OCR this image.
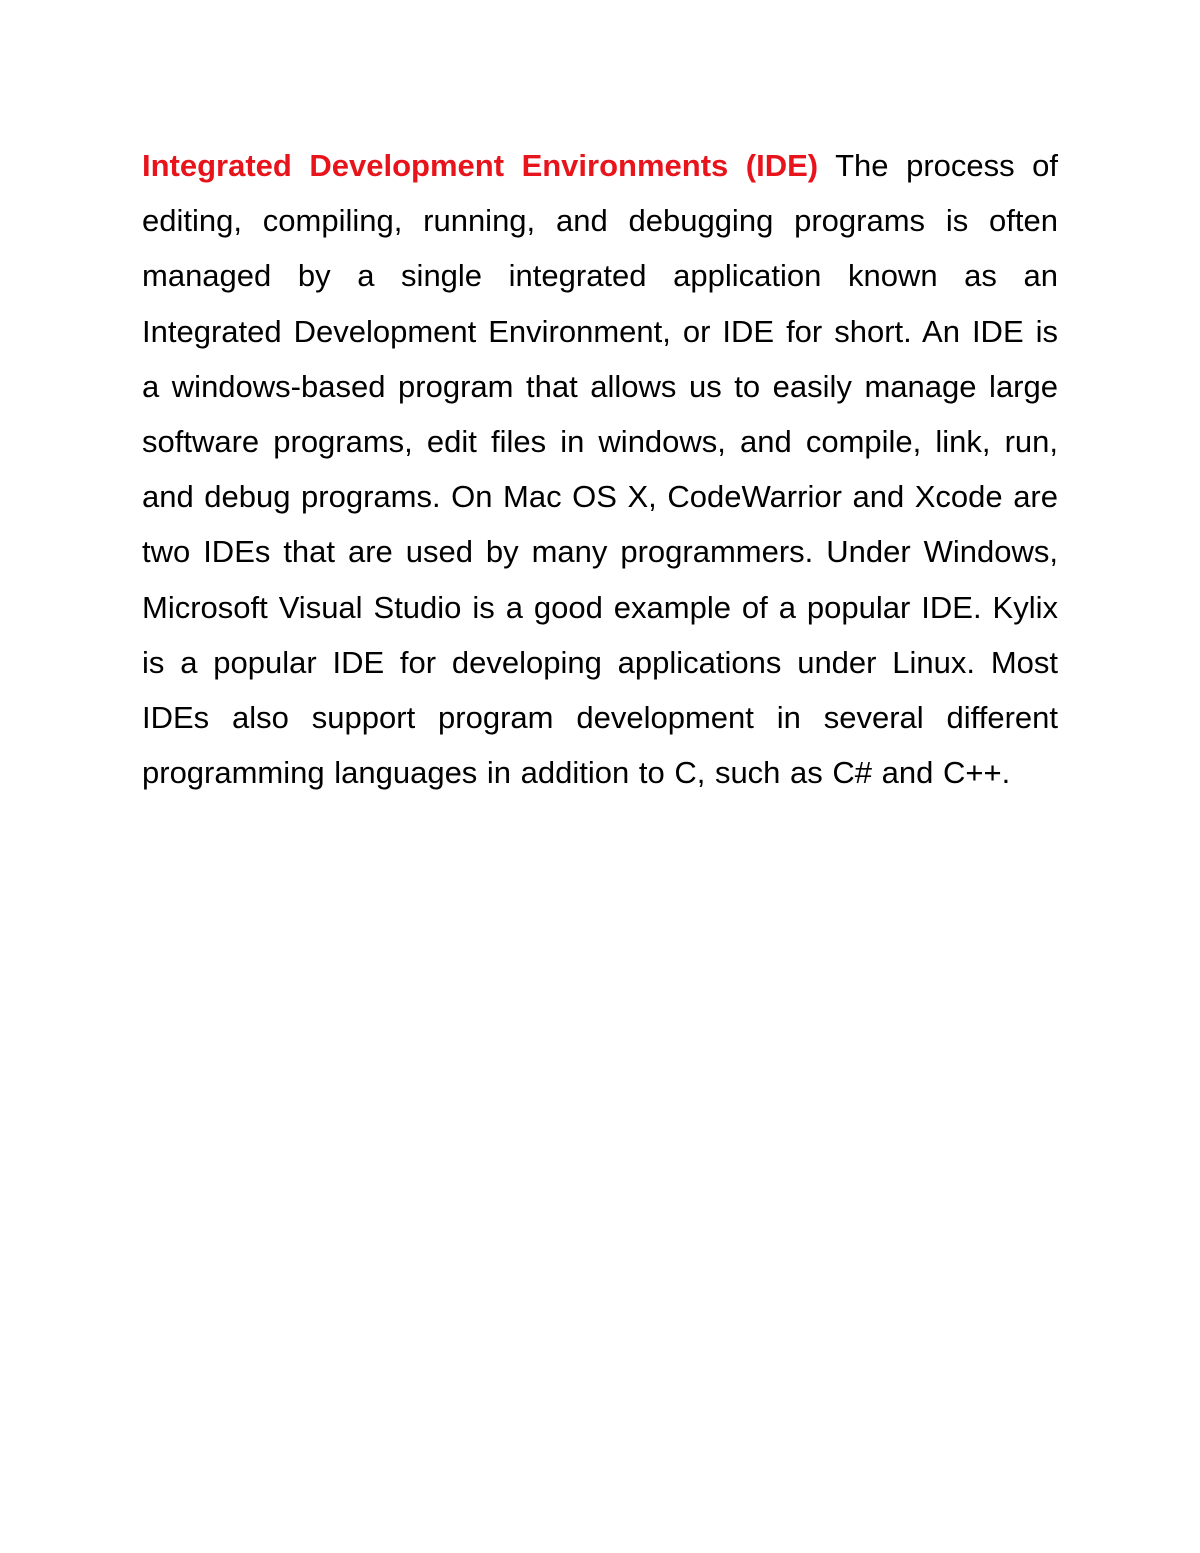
Integrated Development Environments (IDE) The process of editing, compiling, running, and debugging programs is often managed by a single integrated application known as an Integrated Development Environment, or IDE for short. An IDE is a windows-based program that allows us to easily manage large software programs, edit files in windows, and compile, link, run, and debug programs. On Mac OS X, CodeWarrior and Xcode are two IDEs that are used by many programmers. Under Windows, Microsoft Visual Studio is a good example of a popular IDE. Kylix is a popular IDE for developing applications under Linux. Most IDEs also support program development in several different programming languages in addition to C, such as C# and C++.
